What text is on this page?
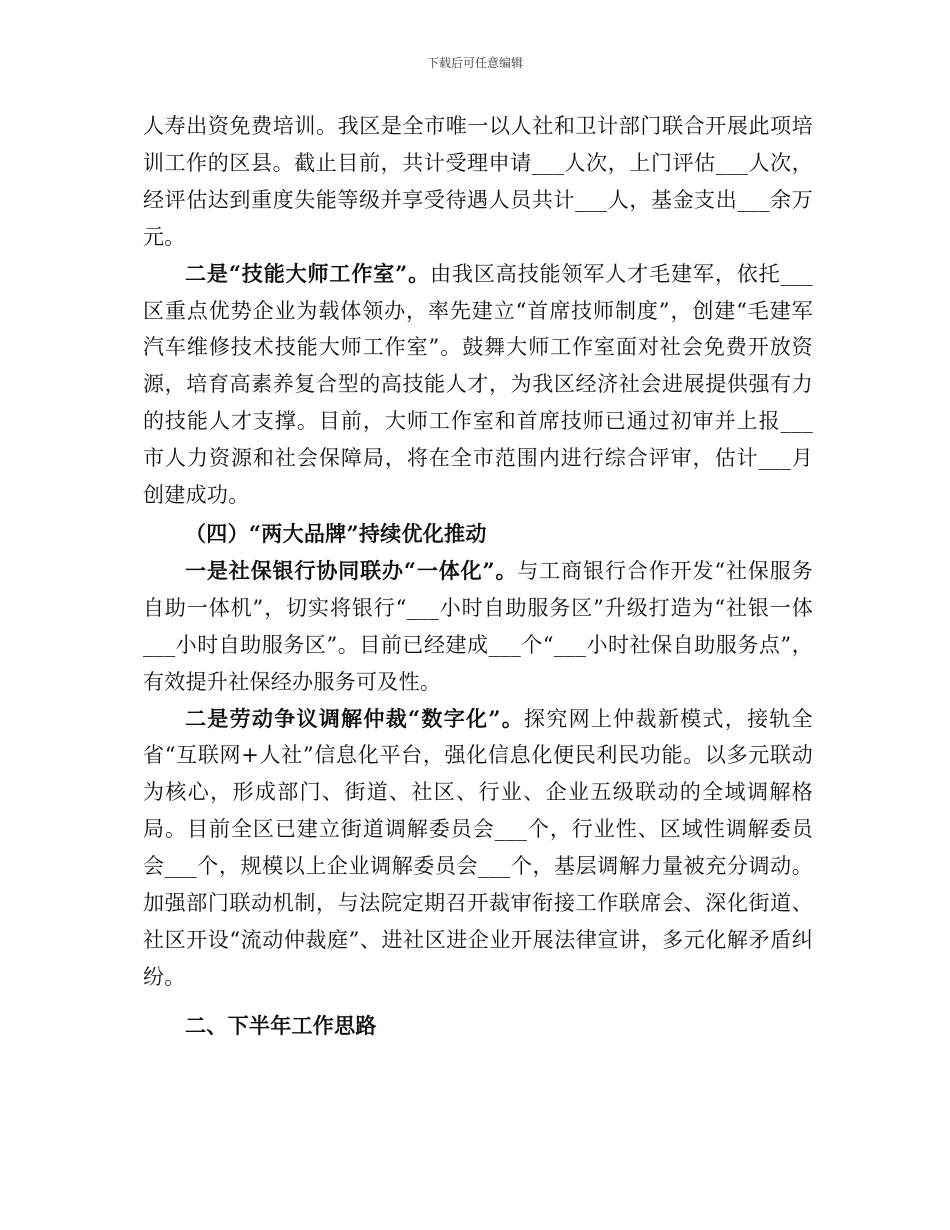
下载后可任意编辑

人寿出资免费培训。我区是全市唯一以人社和卫计部门联合开展此项培训工作的区县。截止目前，共计受理申请___人次，上门评估___人次，经评估达到重度失能等级并享受待遇人员共计___人，基金支出___余万元。

二是“技能大师工作室”。由我区高技能领军人才毛建军，依托___区重点优势企业为载体领办，率先建立“首席技师制度”，创建“毛建军汽车维修技术技能大师工作室”。鼓舞大师工作室面对社会免费开放资源，培育高素养复合型的高技能人才，为我区经济社会进展提供强有力的技能人才支撑。目前，大师工作室和首席技师已通过初审并上报___市人力资源和社会保障局，将在全市范围内进行综合评审，估计___月创建成功。

（四）“两大品牌”持续优化推动

一是社保银行协同联办“一体化”。与工商银行合作开发“社保服务自助一体机”，切实将银行“___小时自助服务区”升级打造为“社银一体___小时自助服务区”。目前已经建成___个“___小时社保自助服务点”，有效提升社保经办服务可及性。

二是劳动争议调解仲裁“数字化”。探究网上仲裁新模式，接轨全省“互联网+人社”信息化平台，强化信息化便民利民功能。以多元联动为核心，形成部门、街道、社区、行业、企业五级联动的全域调解格局。目前全区已建立街道调解委员会___个，行业性、区域性调解委员会___个，规模以上企业调解委员会___个，基层调解力量被充分调动。加强部门联动机制，与法院定期召开裁审衔接工作联席会、深化街道、社区开设“流动仲裁庭”、进社区进企业开展法律宣讲，多元化解矛盾纠纷。

二、下半年工作思路
